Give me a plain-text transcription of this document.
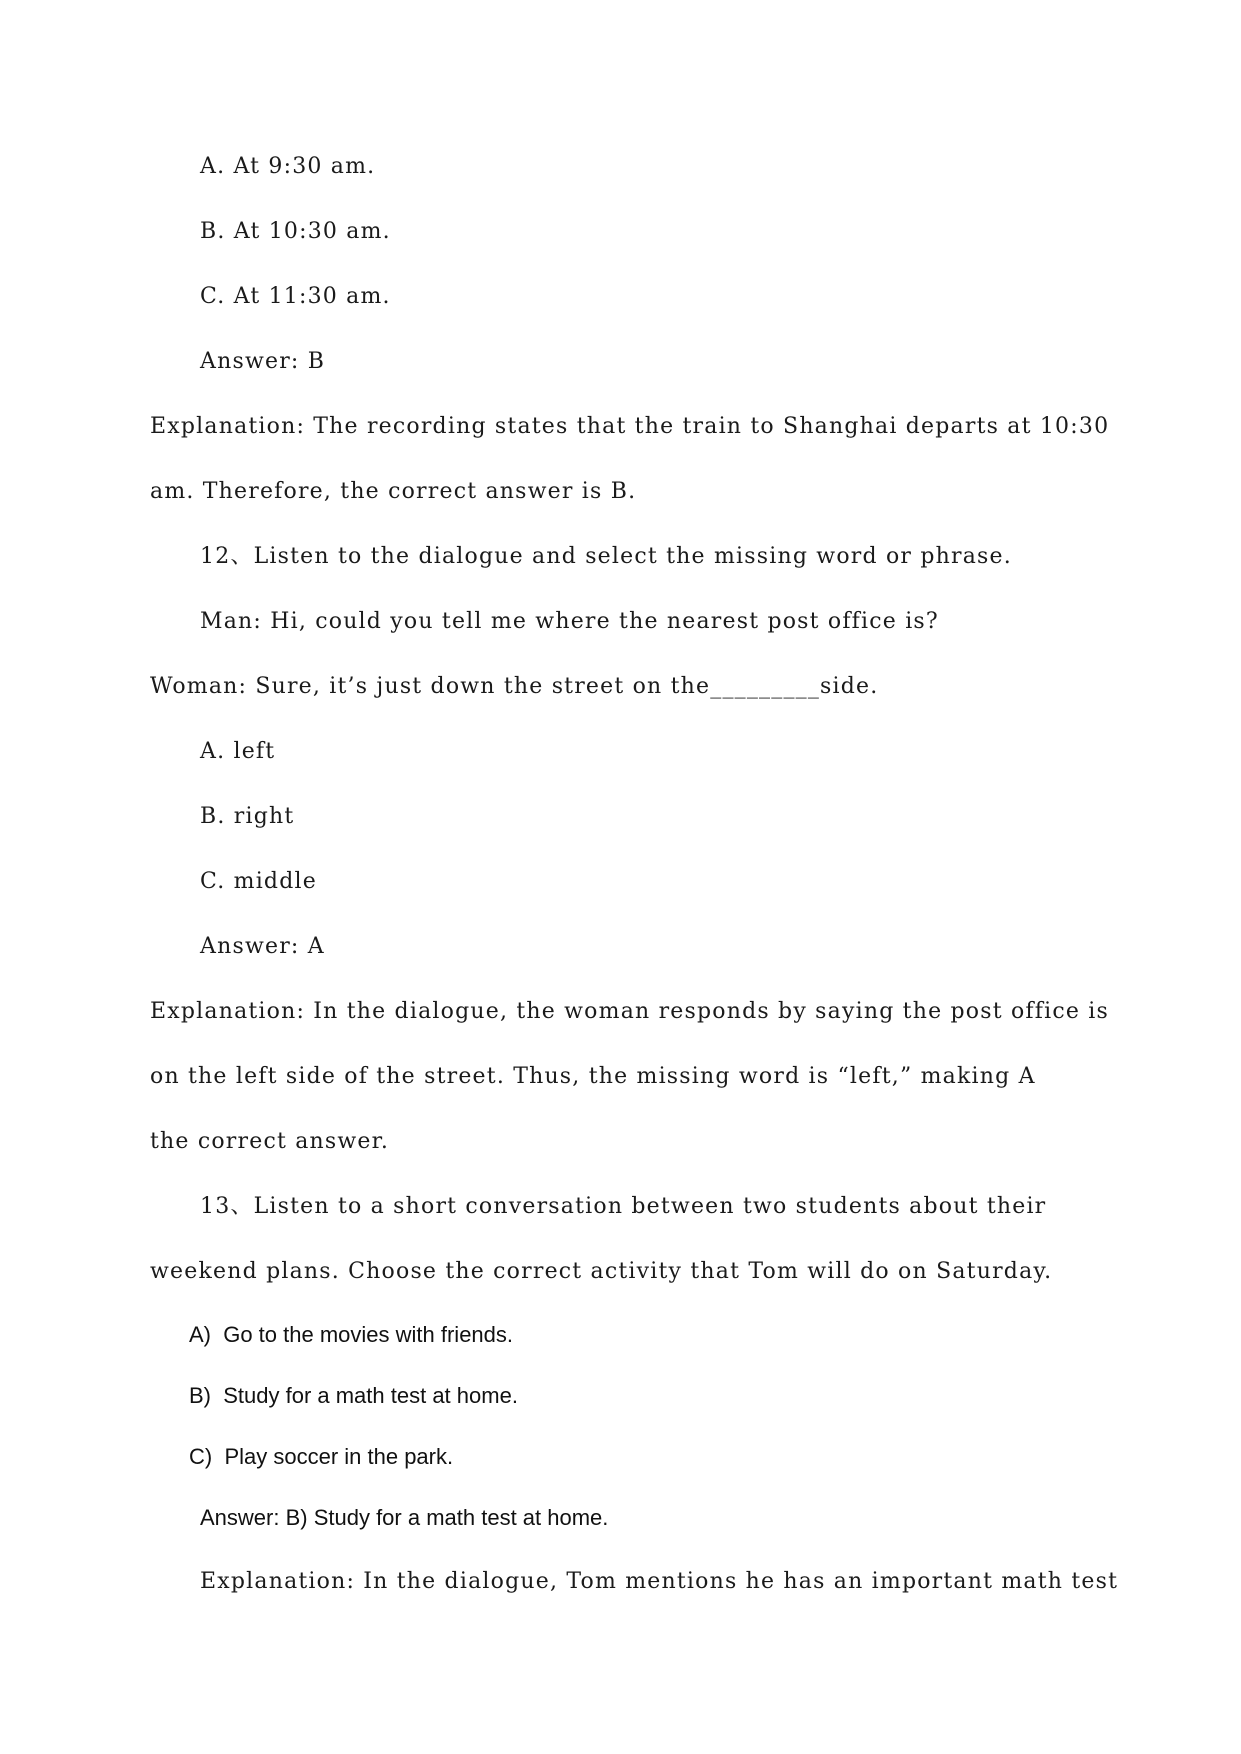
A. At 9:30 am.
B. At 10:30 am.
C. At 11:30 am.
Answer: B
Explanation: The recording states that the train to Shanghai departs at 10:30
am. Therefore, the correct answer is B.
12、Listen to the dialogue and select the missing word or phrase.
Man: Hi, could you tell me where the nearest post office is?
Woman: Sure, it’s just down the street on the_________side.
A. left
B. right
C. middle
Answer: A
Explanation: In the dialogue, the woman responds by saying the post office is
on the left side of the street. Thus, the missing word is “left,” making A
the correct answer.
13、Listen to a short conversation between two students about their
weekend plans. Choose the correct activity that Tom will do on Saturday.
A)  Go to the movies with friends.
B)  Study for a math test at home.
C)  Play soccer in the park.
Answer: B) Study for a math test at home.
Explanation: In the dialogue, Tom mentions he has an important math test
